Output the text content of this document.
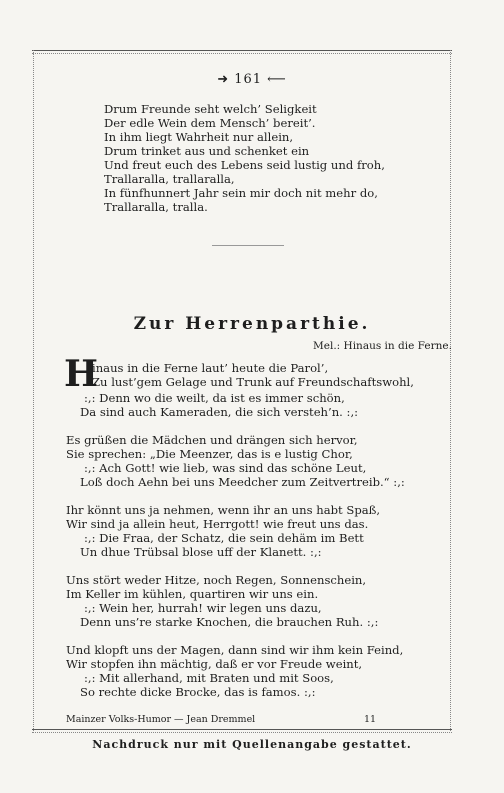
➜ 161 ⟵
Drum Freunde seht welch’ Seligkeit
Der edle Wein dem Mensch’ bereit’.
In ihm liegt Wahrheit nur allein,
Drum trinket aus und schenket ein
Und freut euch des Lebens seid lustig und froh,
Trallaralla, trallaralla,
In fünfhunnert Jahr sein mir doch nit mehr do,
Trallaralla, tralla.
Zur Herrenparthie.
Mel.: Hinaus in die Ferne.
H
inaus in die Ferne laut’ heute die Parol’,
Zu lust’gem Gelage und Trunk auf Freundschaftswohl,
:,: Denn wo die weilt, da ist es immer schön,
Da sind auch Kameraden, die sich versteh’n. :,:
Es grüßen die Mädchen und drängen sich hervor,
Sie sprechen: „Die Meenzer, das is e lustig Chor,
:,: Ach Gott! wie lieb, was sind das schöne Leut,
Loß doch Aehn bei uns Meedcher zum Zeitvertreib.“ :,:
Ihr könnt uns ja nehmen, wenn ihr an uns habt Spaß,
Wir sind ja allein heut, Herrgott! wie freut uns das.
:,: Die Fraa, der Schatz, die sein dehäm im Bett
Un dhue Trübsal blose uff der Klanett. :,:
Uns stört weder Hitze, noch Regen, Sonnenschein,
Im Keller im kühlen, quartiren wir uns ein.
:,: Wein her, hurrah! wir legen uns dazu,
Denn uns’re starke Knochen, die brauchen Ruh. :,:
Und klopft uns der Magen, dann sind wir ihm kein Feind,
Wir stopfen ihn mächtig, daß er vor Freude weint,
:,: Mit allerhand, mit Braten und mit Soos,
So rechte dicke Brocke, das is famos. :,:
Mainzer Volks-Humor — Jean Dremmel	11
Nachdruck nur mit Quellenangabe gestattet.
